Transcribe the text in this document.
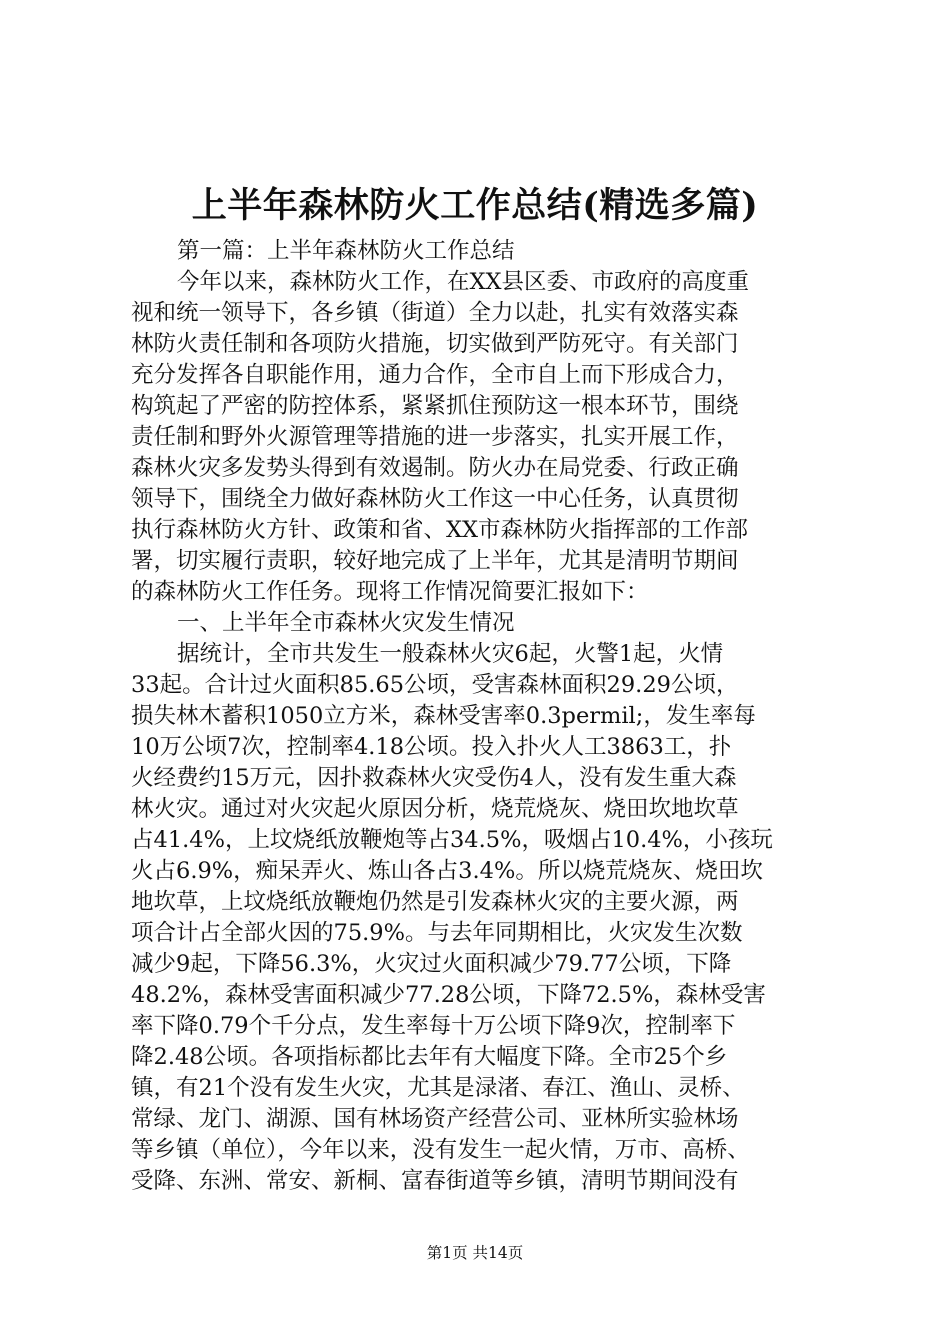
上半年森林防火工作总结(精选多篇)
第一篇：上半年森林防火工作总结
今年以来，森林防火工作，在XX县区委、市政府的高度重
视和统一领导下，各乡镇（街道）全力以赴，扎实有效落实森
林防火责任制和各项防火措施，切实做到严防死守。有关部门
充分发挥各自职能作用，通力合作，全市自上而下形成合力，
构筑起了严密的防控体系，紧紧抓住预防这一根本环节，围绕
责任制和野外火源管理等措施的进一步落实，扎实开展工作，
森林火灾多发势头得到有效遏制。防火办在局党委、行政正确
领导下，围绕全力做好森林防火工作这一中心任务，认真贯彻
执行森林防火方针、政策和省、XX市森林防火指挥部的工作部
署，切实履行责职，较好地完成了上半年，尤其是清明节期间
的森林防火工作任务。现将工作情况简要汇报如下：
一、上半年全市森林火灾发生情况
据统计，全市共发生一般森林火灾6起，火警1起，火情
33起。合计过火面积85.65公顷，受害森林面积29.29公顷，
损失林木蓄积1050立方米，森林受害率0.3permil;，发生率每
10万公顷7次，控制率4.18公顷。投入扑火人工3863工，扑
火经费约15万元，因扑救森林火灾受伤4人，没有发生重大森
林火灾。通过对火灾起火原因分析，烧荒烧灰、烧田坎地坎草
占41.4%，上坟烧纸放鞭炮等占34.5%，吸烟占10.4%，小孩玩
火占6.9%，痴呆弄火、炼山各占3.4%。所以烧荒烧灰、烧田坎
地坎草，上坟烧纸放鞭炮仍然是引发森林火灾的主要火源，两
项合计占全部火因的75.9%。与去年同期相比，火灾发生次数
减少9起，下降56.3%，火灾过火面积减少79.77公顷，下降
48.2%，森林受害面积减少77.28公顷，下降72.5%，森林受害
率下降0.79个千分点，发生率每十万公顷下降9次，控制率下
降2.48公顷。各项指标都比去年有大幅度下降。全市25个乡
镇，有21个没有发生火灾，尤其是渌渚、春江、渔山、灵桥、
常绿、龙门、湖源、国有林场资产经营公司、亚林所实验林场
等乡镇（单位），今年以来，没有发生一起火情，万市、高桥、
受降、东洲、常安、新桐、富春街道等乡镇，清明节期间没有
第1页 共14页
